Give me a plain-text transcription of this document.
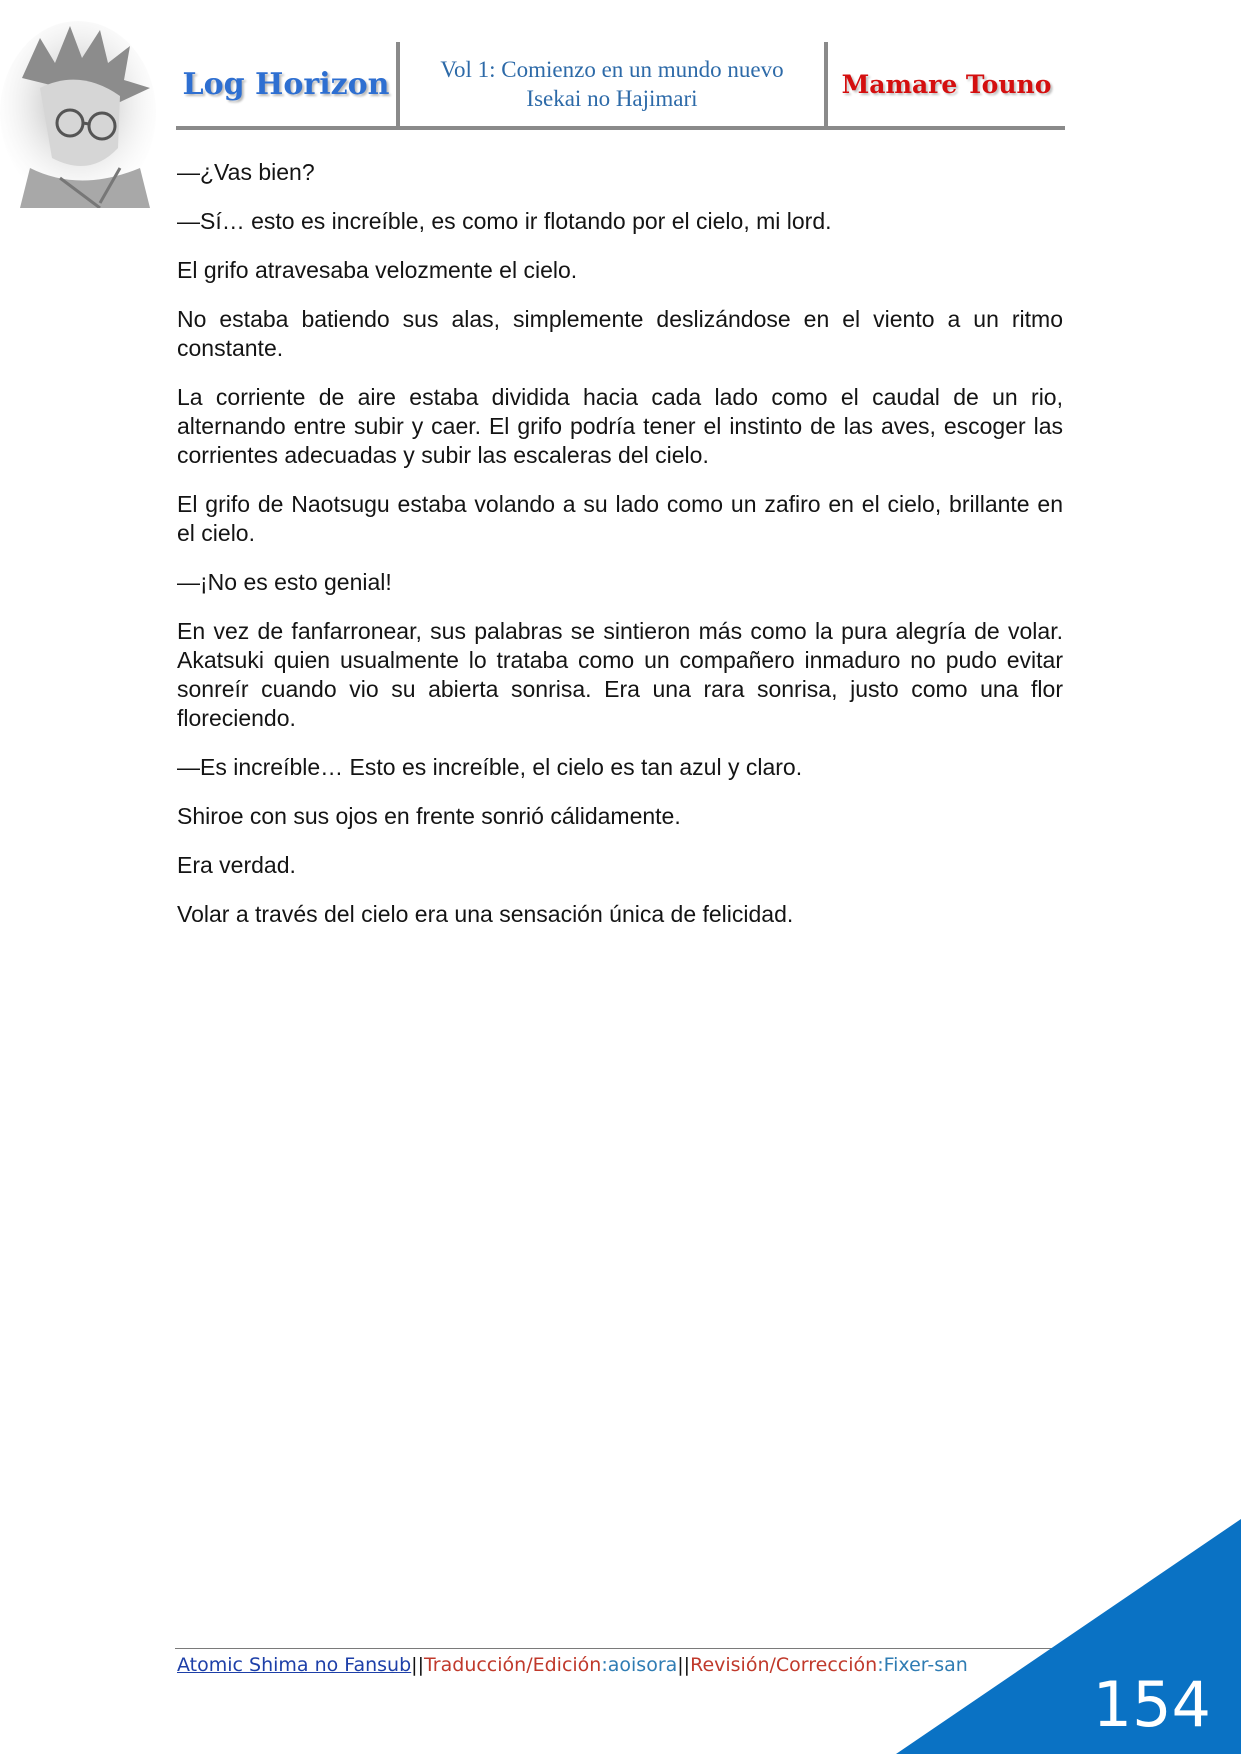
Log Horizon Vol 1: Comienzo en un mundo nuevo
Isekai no Hajimari	Mamare Touno

—¿Vas bien?

—Sí… esto es increíble, es como ir flotando por el cielo, mi lord.

El grifo atravesaba velozmente el cielo.

No estaba batiendo sus alas, simplemente deslizándose en el viento a un ritmo constante.

La corriente de aire estaba dividida hacia cada lado como el caudal de un rio, alternando entre subir y caer. El grifo podría tener el instinto de las aves, escoger las corrientes adecuadas y subir las escaleras del cielo.

El grifo de Naotsugu estaba volando a su lado como un zafiro en el cielo, brillante en el cielo.

—¡No es esto genial!

En vez de fanfarronear, sus palabras se sintieron más como la pura alegría de volar. Akatsuki quien usualmente lo trataba como un compañero inmaduro no pudo evitar sonreír cuando vio su abierta sonrisa. Era una rara sonrisa, justo como una flor floreciendo.

—Es increíble… Esto es increíble, el cielo es tan azul y claro.

Shiroe con sus ojos en frente sonrió cálidamente.

Era verdad.

Volar a través del cielo era una sensación única de felicidad.

Atomic Shima no Fansub||Traducción/Edición:aoisora||Revisión/Corrección:Fixer-san
154
